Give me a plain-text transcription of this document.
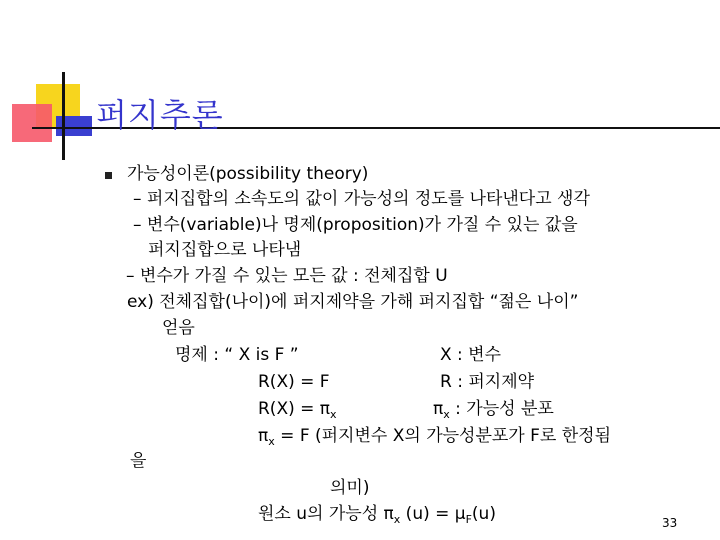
퍼지추론
가능성이론(possibility theory)
– 퍼지집합의 소속도의 값이 가능성의 정도를 나타낸다고 생각
– 변수(variable)나 명제(proposition)가 가질 수 있는 값을
퍼지집합으로 나타냄
– 변수가 가질 수 있는 모든 값 : 전체집합 U
ex) 전체집합(나이)에 퍼지제약을 가해 퍼지집합 “젊은 나이”
얻음
명제 : “ X is F ”	X : 변수
R(X) = F	R : 퍼지제약
$R(X) = \pi_x$	$\pi_x$ : 가능성 분포
$\pi_x = F$ (퍼지변수 X의 가능성분포가 F로 한정됨
을
의미)
원소 u의 가능성 $\pi_x$ $(u) = \mu_F(u)$	33
